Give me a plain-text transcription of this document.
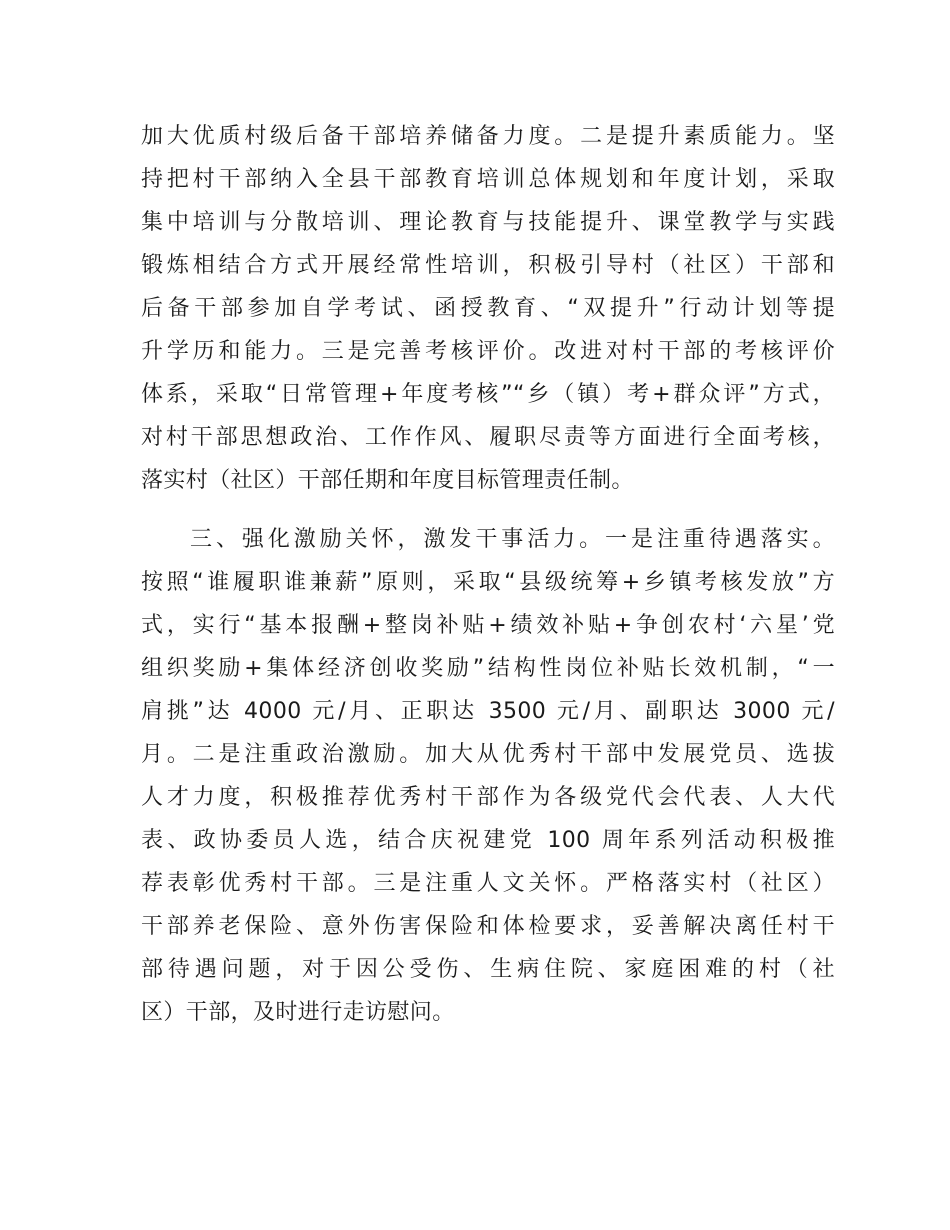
加大优质村级后备干部培养储备力度。二是提升素质能力。坚
持把村干部纳入全县干部教育培训总体规划和年度计划，采取
集中培训与分散培训、理论教育与技能提升、课堂教学与实践
锻炼相结合方式开展经常性培训，积极引导村（社区）干部和
后备干部参加自学考试、函授教育、“双提升”行动计划等提
升学历和能力。三是完善考核评价。改进对村干部的考核评价
体系，采取“日常管理+年度考核”“乡（镇）考+群众评”方式，
对村干部思想政治、工作作风、履职尽责等方面进行全面考核，
落实村（社区）干部任期和年度目标管理责任制。
三、强化激励关怀，激发干事活力。一是注重待遇落实。
按照“谁履职谁兼薪”原则，采取“县级统筹+乡镇考核发放”方
式，实行“基本报酬+整岗补贴+绩效补贴+争创农村‘六星’党
组织奖励+集体经济创收奖励”结构性岗位补贴长效机制，“一
肩挑”达 4000 元/月、正职达 3500 元/月、副职达 3000 元/
月。二是注重政治激励。加大从优秀村干部中发展党员、选拔
人才力度，积极推荐优秀村干部作为各级党代会代表、人大代
表、政协委员人选，结合庆祝建党 100 周年系列活动积极推
荐表彰优秀村干部。三是注重人文关怀。严格落实村（社区）
干部养老保险、意外伤害保险和体检要求，妥善解决离任村干
部待遇问题，对于因公受伤、生病住院、家庭困难的村（社
区）干部，及时进行走访慰问。
